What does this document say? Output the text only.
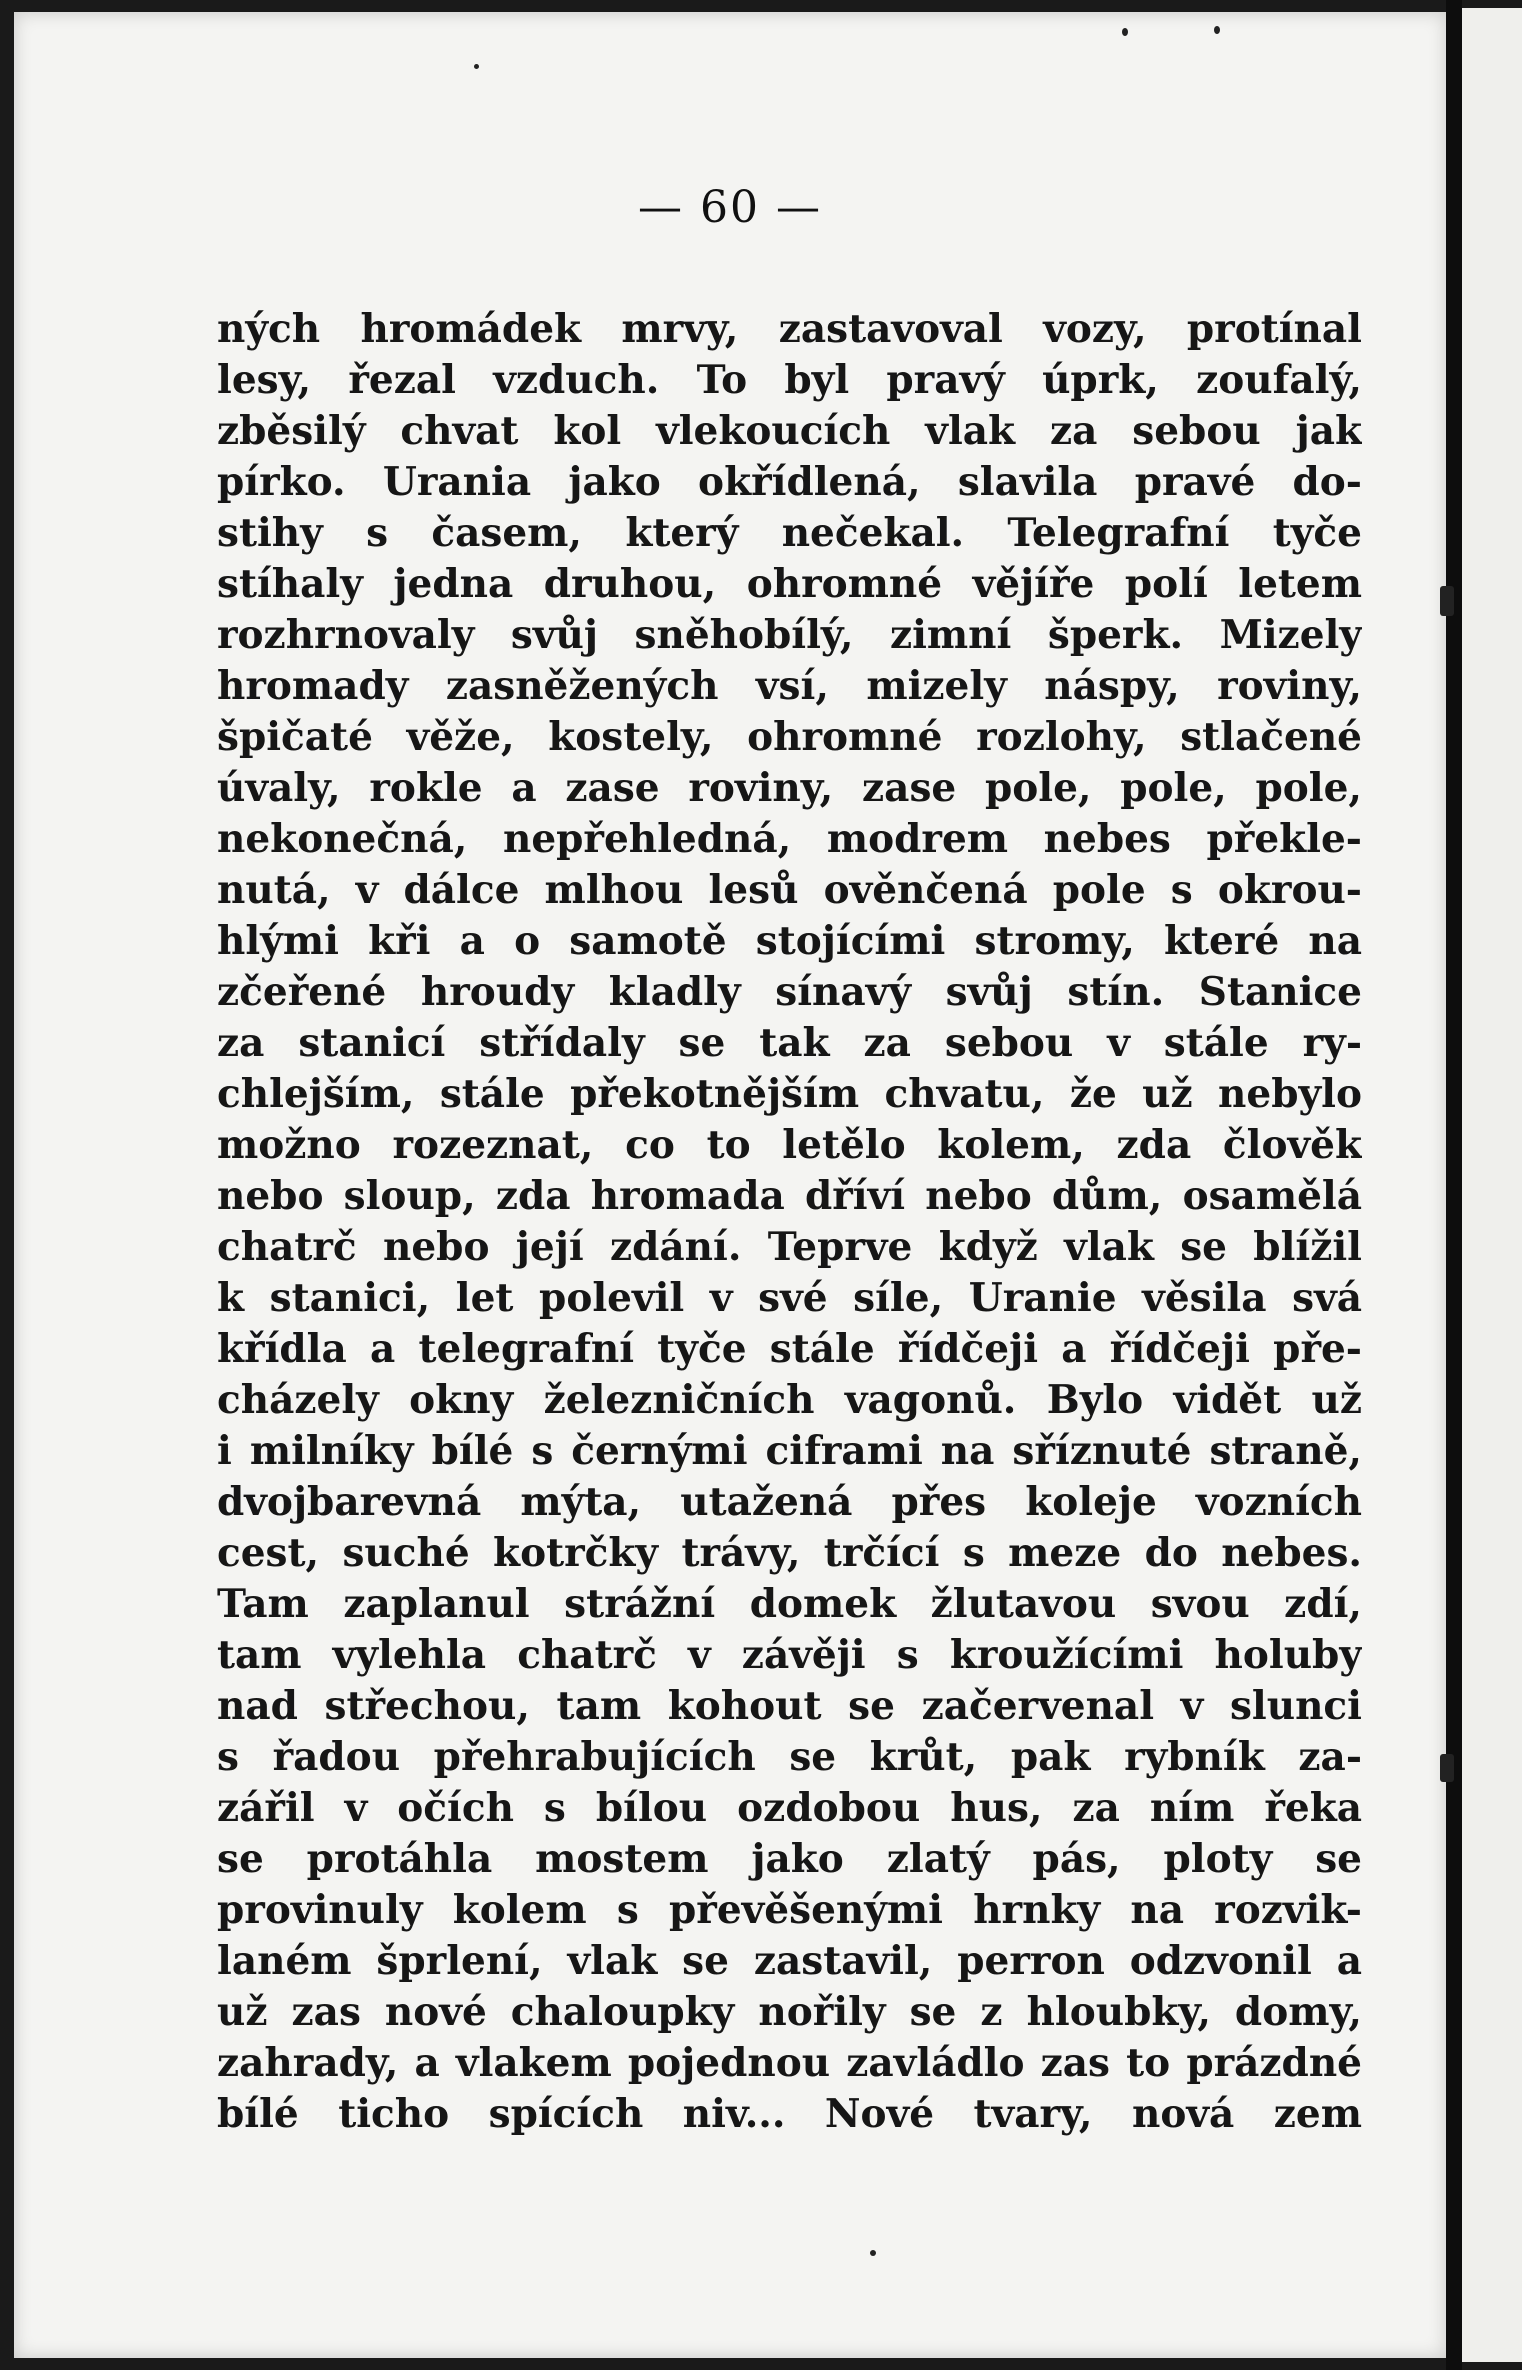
— 60 —
ných hromádek mrvy, zastavoval vozy, protínal
lesy, řezal vzduch. To byl pravý úprk, zoufalý,
zběsilý chvat kol vlekoucích vlak za sebou jak
pírko. Urania jako okřídlená, slavila pravé do-
stihy s časem, který nečekal. Telegrafní tyče
stíhaly jedna druhou, ohromné vějíře polí letem
rozhrnovaly svůj sněhobílý, zimní šperk. Mizely
hromady zasněžených vsí, mizely náspy, roviny,
špičaté věže, kostely, ohromné rozlohy, stlačené
úvaly, rokle a zase roviny, zase pole, pole, pole,
nekonečná, nepřehledná, modrem nebes překle-
nutá, v dálce mlhou lesů ověnčená pole s okrou-
hlými kři a o samotě stojícími stromy, které na
zčeřené hroudy kladly sínavý svůj stín. Stanice
za stanicí střídaly se tak za sebou v stále ry-
chlejším, stále překotnějším chvatu, že už nebylo
možno rozeznat, co to letělo kolem, zda člověk
nebo sloup, zda hromada dříví nebo dům, osamělá
chatrč nebo její zdání. Teprve když vlak se blížil
k stanici, let polevil v své síle, Uranie věsila svá
křídla a telegrafní tyče stále řídčeji a řídčeji pře-
cházely okny železničních vagonů. Bylo vidět už
i milníky bílé s černými ciframi na sříznuté straně,
dvojbarevná mýta, utažená přes koleje vozních
cest, suché kotrčky trávy, trčící s meze do nebes.
Tam zaplanul strážní domek žlutavou svou zdí,
tam vylehla chatrč v závěji s kroužícími holuby
nad střechou, tam kohout se začervenal v slunci
s řadou přehrabujících se krůt, pak rybník za-
zářil v očích s bílou ozdobou hus, za ním řeka
se protáhla mostem jako zlatý pás, ploty se
provinuly kolem s převěšenými hrnky na rozvik-
laném šprlení, vlak se zastavil, perron odzvonil a
už zas nové chaloupky nořily se z hloubky, domy,
zahrady, a vlakem pojednou zavládlo zas to prázdné
bílé ticho spících niv... Nové tvary, nová zem
